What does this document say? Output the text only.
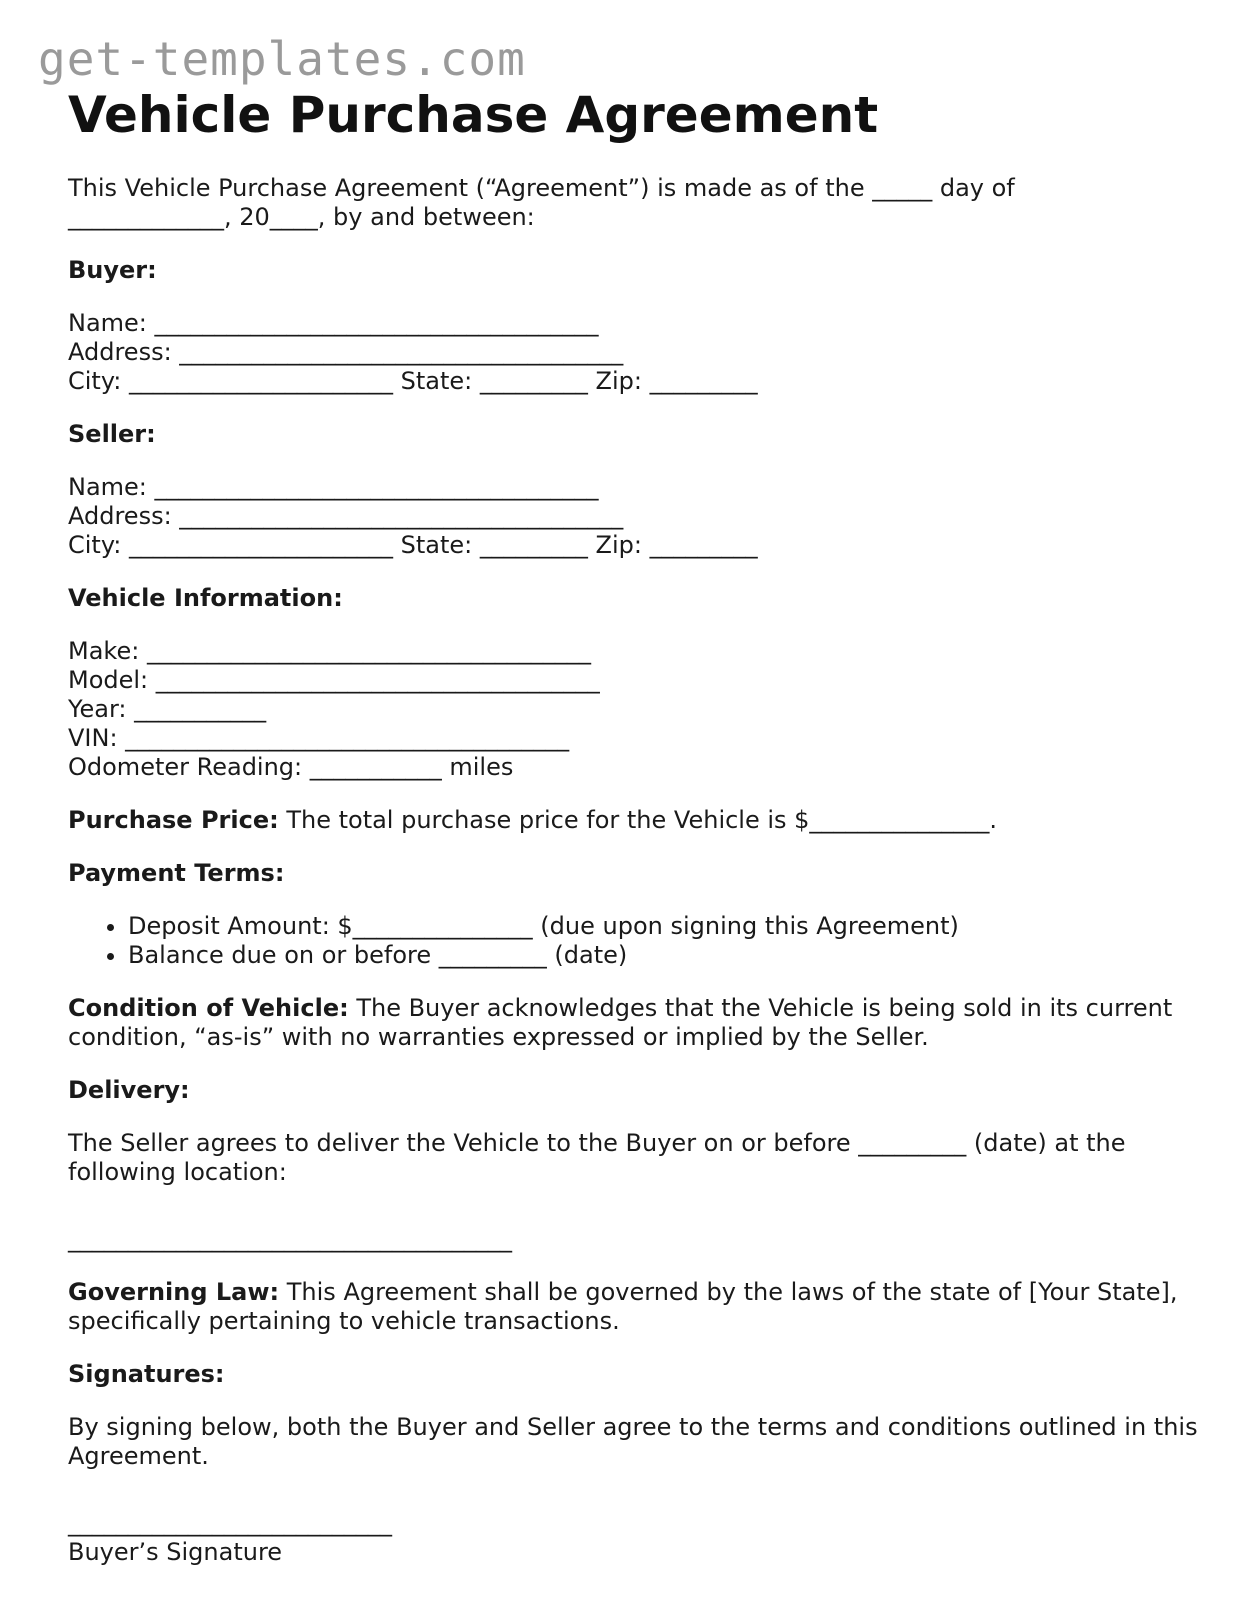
get-templates.com
Vehicle Purchase Agreement
This Vehicle Purchase Agreement (“Agreement”) is made as of the _____ day of
_____________, 20____, by and between:
Buyer:
Name: _____________________________________
Address: _____________________________________
City: ______________________ State: _________ Zip: _________
Seller:
Name: _____________________________________
Address: _____________________________________
City: ______________________ State: _________ Zip: _________
Vehicle Information:
Make: _____________________________________
Model: _____________________________________
Year: ___________
VIN: _____________________________________
Odometer Reading: ___________ miles

Purchase Price: The total purchase price for the Vehicle is $_______________.

Payment Terms:
• Deposit Amount: $_______________ (due upon signing this Agreement)
• Balance due on or before _________ (date)

Condition of Vehicle: The Buyer acknowledges that the Vehicle is being sold in its current condition, “as-is” with no warranties expressed or implied by the Seller.

Delivery:

The Seller agrees to deliver the Vehicle to the Buyer on or before _________ (date) at the following location:

_____________________________________

Governing Law: This Agreement shall be governed by the laws of the state of [Your State], specifically pertaining to vehicle transactions.

Signatures:

By signing below, both the Buyer and Seller agree to the terms and conditions outlined in this Agreement.

___________________________
Buyer’s Signature
